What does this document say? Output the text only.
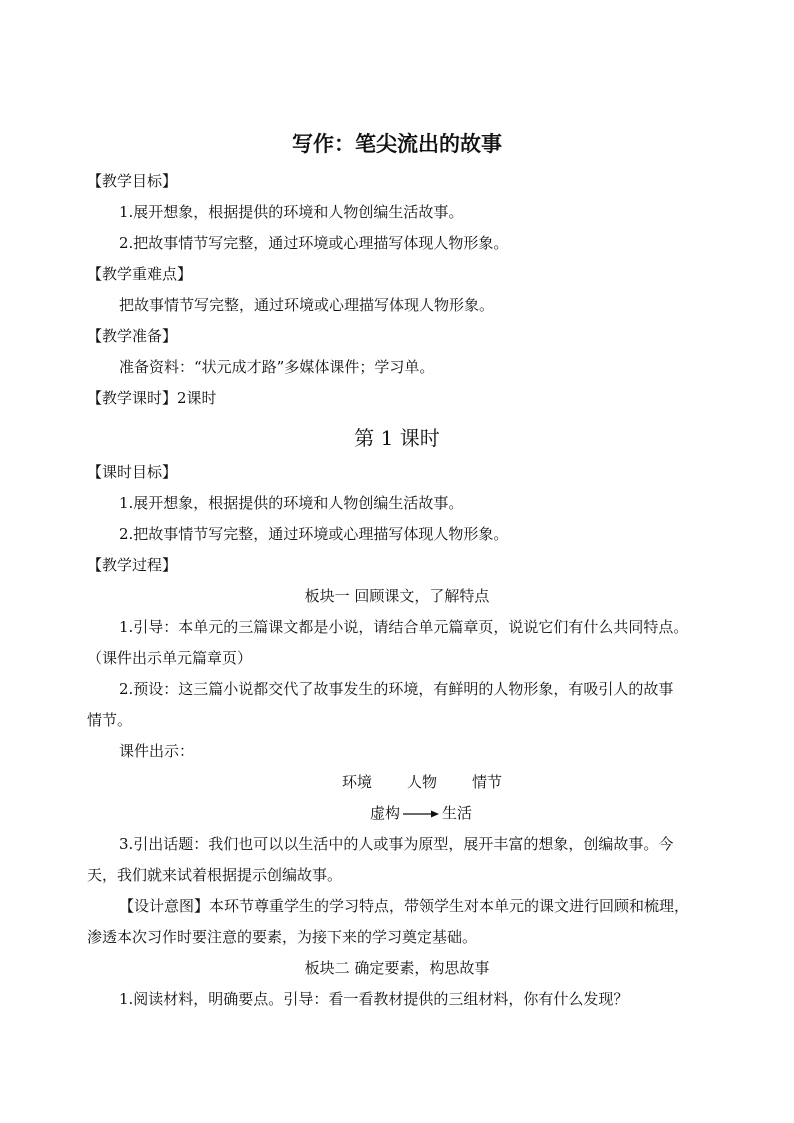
写作：笔尖流出的故事
【教学目标】
1.展开想象，根据提供的环境和人物创编生活故事。
2.把故事情节写完整，通过环境或心理描写体现人物形象。
【教学重难点】
把故事情节写完整，通过环境或心理描写体现人物形象。
【教学准备】
准备资料：“状元成才路”多媒体课件；学习单。
【教学课时】2课时
第 1 课时
【课时目标】
1.展开想象，根据提供的环境和人物创编生活故事。
2.把故事情节写完整，通过环境或心理描写体现人物形象。
【教学过程】
板块一 回顾课文，了解特点
1.引导：本单元的三篇课文都是小说，请结合单元篇章页，说说它们有什么共同特点。
（课件出示单元篇章页）
2.预设：这三篇小说都交代了故事发生的环境，有鲜明的人物形象，有吸引人的故事
情节。
课件出示：
环境	人物	情节
虚构	生活
3.引出话题：我们也可以以生活中的人或事为原型，展开丰富的想象，创编故事。今
天，我们就来试着根据提示创编故事。
【设计意图】本环节尊重学生的学习特点，带领学生对本单元的课文进行回顾和梳理，
渗透本次习作时要注意的要素，为接下来的学习奠定基础。
板块二 确定要素，构思故事
1.阅读材料，明确要点。引导：看一看教材提供的三组材料，你有什么发现？
